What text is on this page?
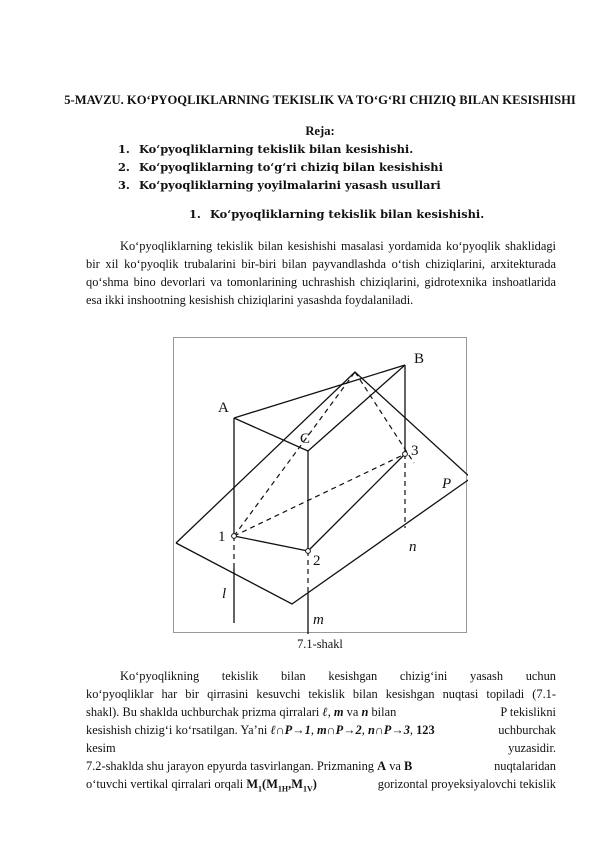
5-MAVZU. KO‘PYOQLIKLARNING TEKISLIK VA TO‘G‘RI CHIZIQ BILAN KESISHISHI
Reja:
1. Ko‘pyoqliklarning tekislik bilan kesishishi.
2. Ko‘pyoqliklarning to‘g‘ri chiziq bilan kesishishi
3. Ko‘pyoqliklarning yoyilmalarini yasash usullari
1. Ko‘pyoqliklarning tekislik bilan kesishishi.

Ko‘pyoqliklarning tekislik bilan kesishishi masalasi yordamida ko‘pyoqlik shaklidagi bir xil ko‘pyoqlik trubalarini bir-biri bilan payvandlashda o‘tish chiziqlarini, arxitekturada qo‘shma bino devorlari va tomonlarining uchrashish chiziqlarini, gidrotexnika inshoatlarida esa ikki inshootning kesishish chiziqlarini yasashda foydalaniladi.

A
B
C
P
1
2
3
l
m
n
7.1-shakl
Ko‘pyoqlikning tekislik bilan kesishgan chizig‘ini yasash uchun
ko‘pyoqliklar har bir qirrasini kesuvchi tekislik bilan kesishgan nuqtasi topiladi (7.1-
shakl). Bu shaklda uchburchak prizma qirralari ℓ, m va n bilan	P tekislikni
kesishish chizig‘i ko‘rsatilgan. Ya’ni ℓ∩P→1, m∩P→2, n∩P→3, 123	uchburchak
kesim	yuzasidir.
7.2-shaklda shu jarayon epyurda tasvirlangan. Prizmaning A va B	nuqtalaridan
o‘tuvchi vertikal qirralari orqali $M_1(M_{1H},M_{1V})$	gorizontal proyeksiyalovchi tekislik
